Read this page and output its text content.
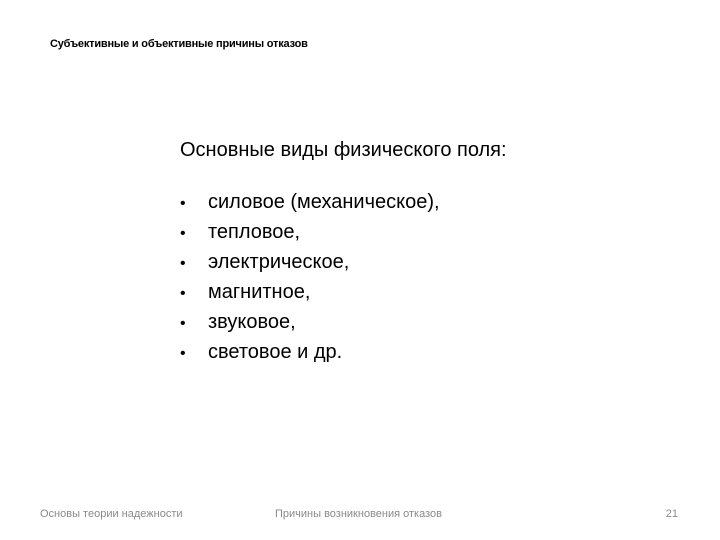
Субъективные и объективные причины отказов
Основные виды физического поля:
•	силовое (механическое),
•	тепловое,
•	электрическое,
•	магнитное,
•	звуковое,
•	световое и др.
Основы теории надежности	Причины возникновения отказов	21
